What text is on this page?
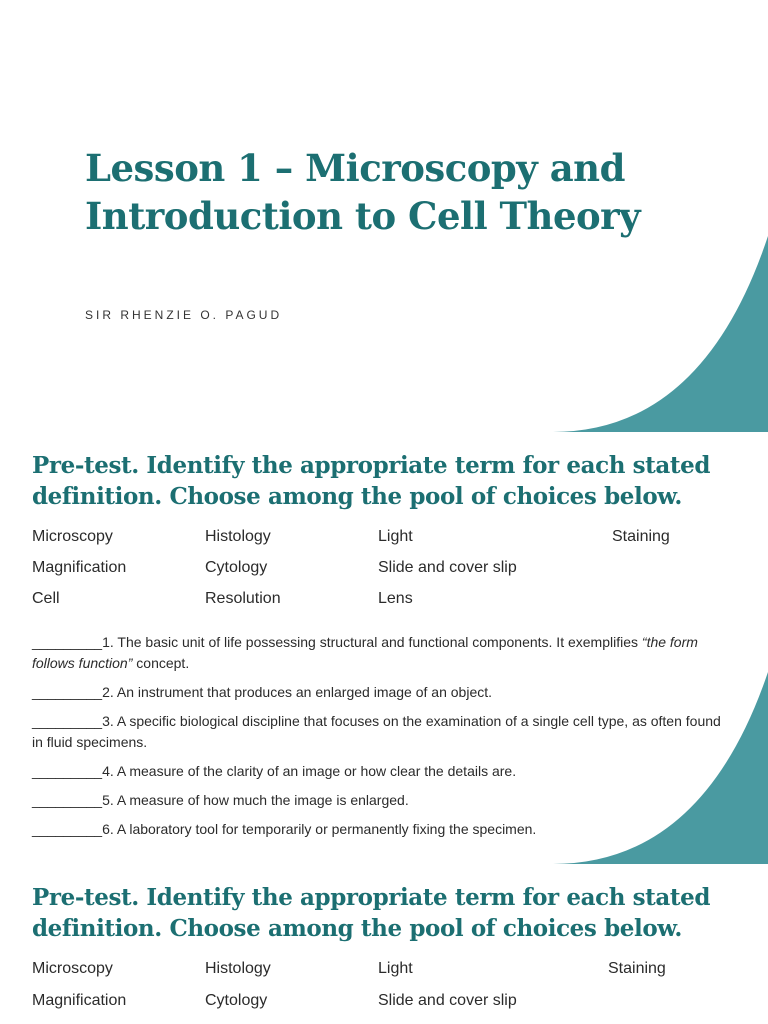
Lesson 1 – Microscopy and Introduction to Cell Theory

SIR RHENZIE O. PAGUD

Pre-test. Identify the appropriate term for each stated definition. Choose among the pool of choices below.
Microscopy	Histology	Light	Staining
Magnification	Cytology	Slide and cover slip
Cell	Resolution	Lens

_________1. The basic unit of life possessing structural and functional components. It exemplifies “the form follows function” concept.

_________2. An instrument that produces an enlarged image of an object.

_________3. A specific biological discipline that focuses on the examination of a single cell type, as often found in fluid specimens.

_________4. A measure of the clarity of an image or how clear the details are.

_________5. A measure of how much the image is enlarged.

_________6. A laboratory tool for temporarily or permanently fixing the specimen.

Pre-test. Identify the appropriate term for each stated definition. Choose among the pool of choices below.
Microscopy	Histology	Light	Staining
Magnification	Cytology	Slide and cover slip
